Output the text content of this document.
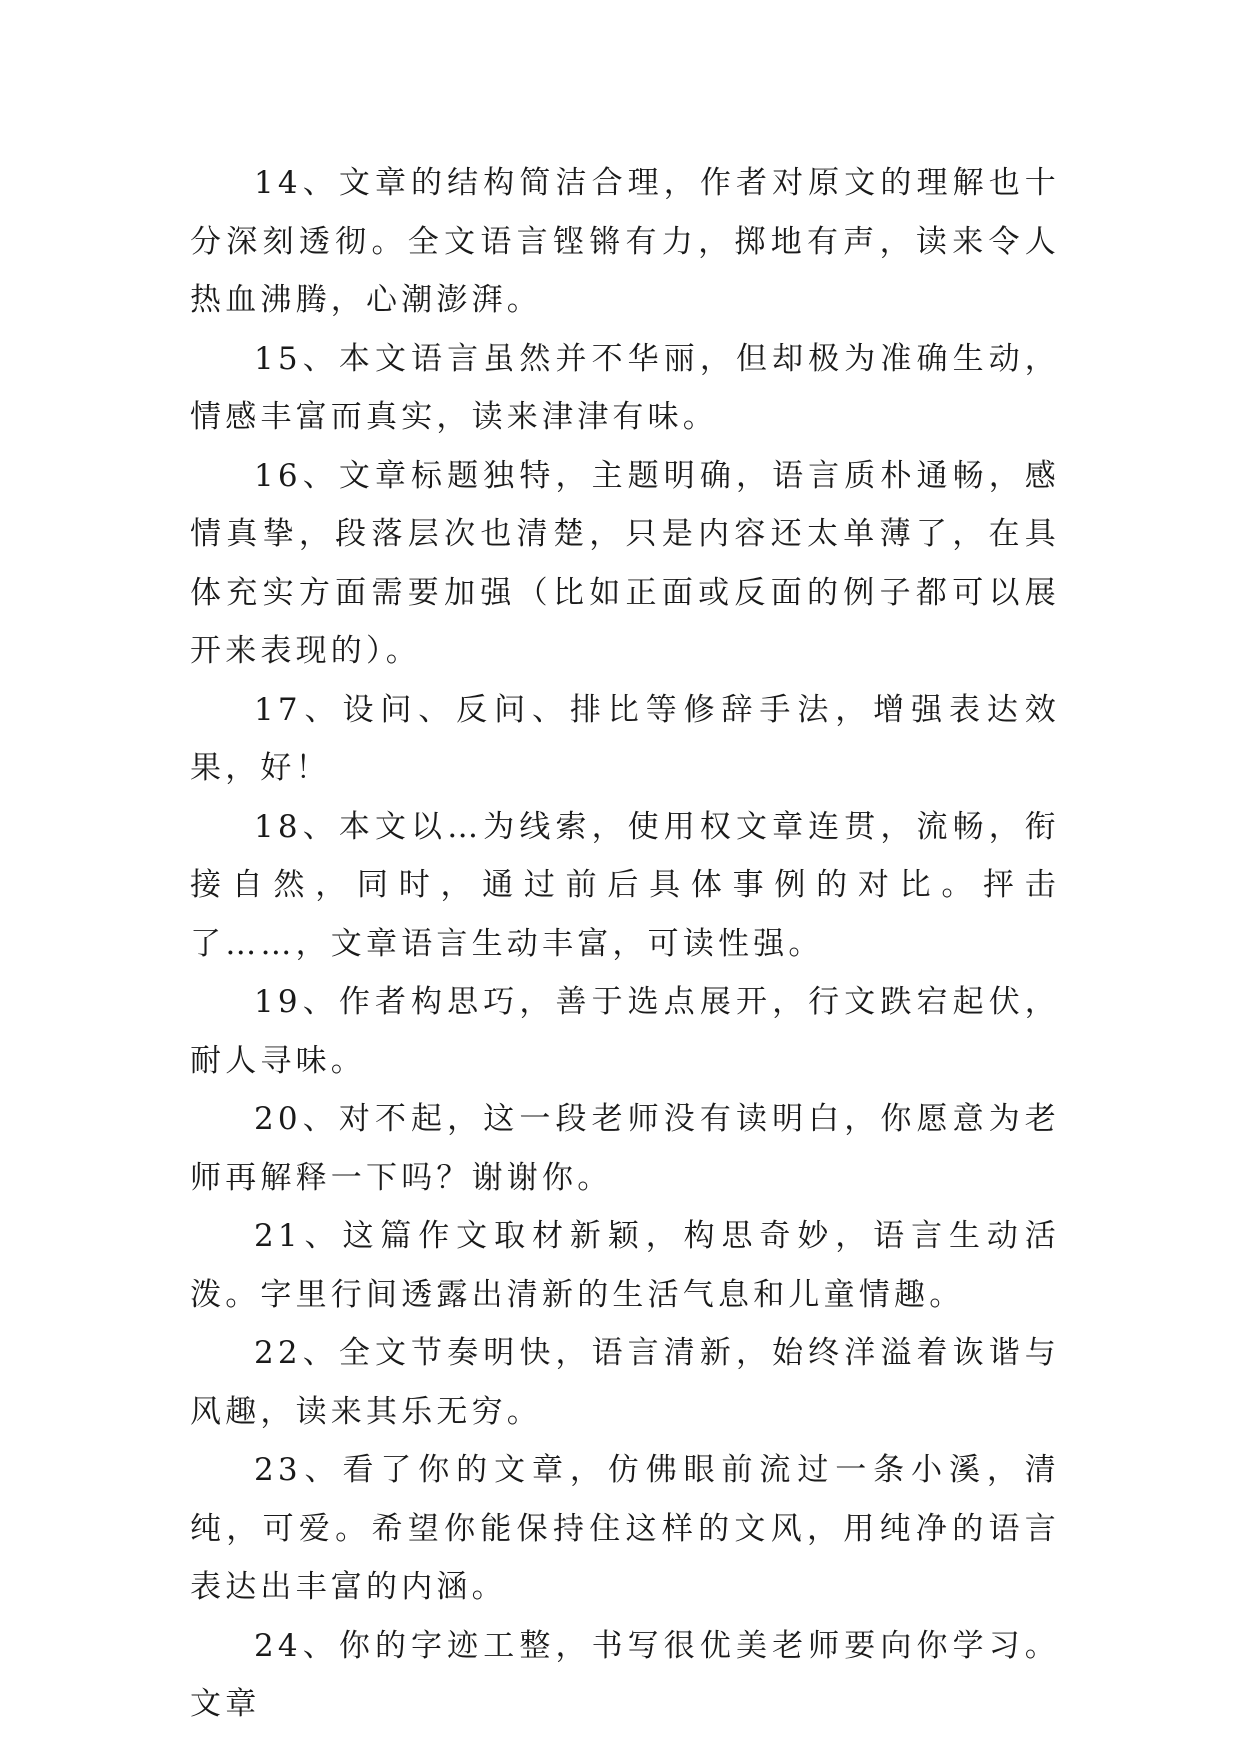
14、文章的结构简洁合理，作者对原文的理解也十分深刻透彻。全文语言铿锵有力，掷地有声，读来令人热血沸腾，心潮澎湃。

15、本文语言虽然并不华丽，但却极为准确生动，情感丰富而真实，读来津津有味。

16、文章标题独特，主题明确，语言质朴通畅，感情真挚，段落层次也清楚，只是内容还太单薄了，在具体充实方面需要加强（比如正面或反面的例子都可以展开来表现的）。

17、设问、反问、排比等修辞手法，增强表达效果，好！

18、本文以…为线索，使用权文章连贯，流畅，衔接自然，同时，通过前后具体事例的对比。抨击了……，文章语言生动丰富，可读性强。

19、作者构思巧，善于选点展开，行文跌宕起伏，耐人寻味。

20、对不起，这一段老师没有读明白，你愿意为老师再解释一下吗？谢谢你。

21、这篇作文取材新颖，构思奇妙，语言生动活泼。字里行间透露出清新的生活气息和儿童情趣。

22、全文节奏明快，语言清新，始终洋溢着诙谐与风趣，读来其乐无穷。

23、看了你的文章，仿佛眼前流过一条小溪，清纯，可爱。希望你能保持住这样的文风，用纯净的语言表达出丰富的内涵。

24、你的字迹工整，书写很优美老师要向你学习。文章
